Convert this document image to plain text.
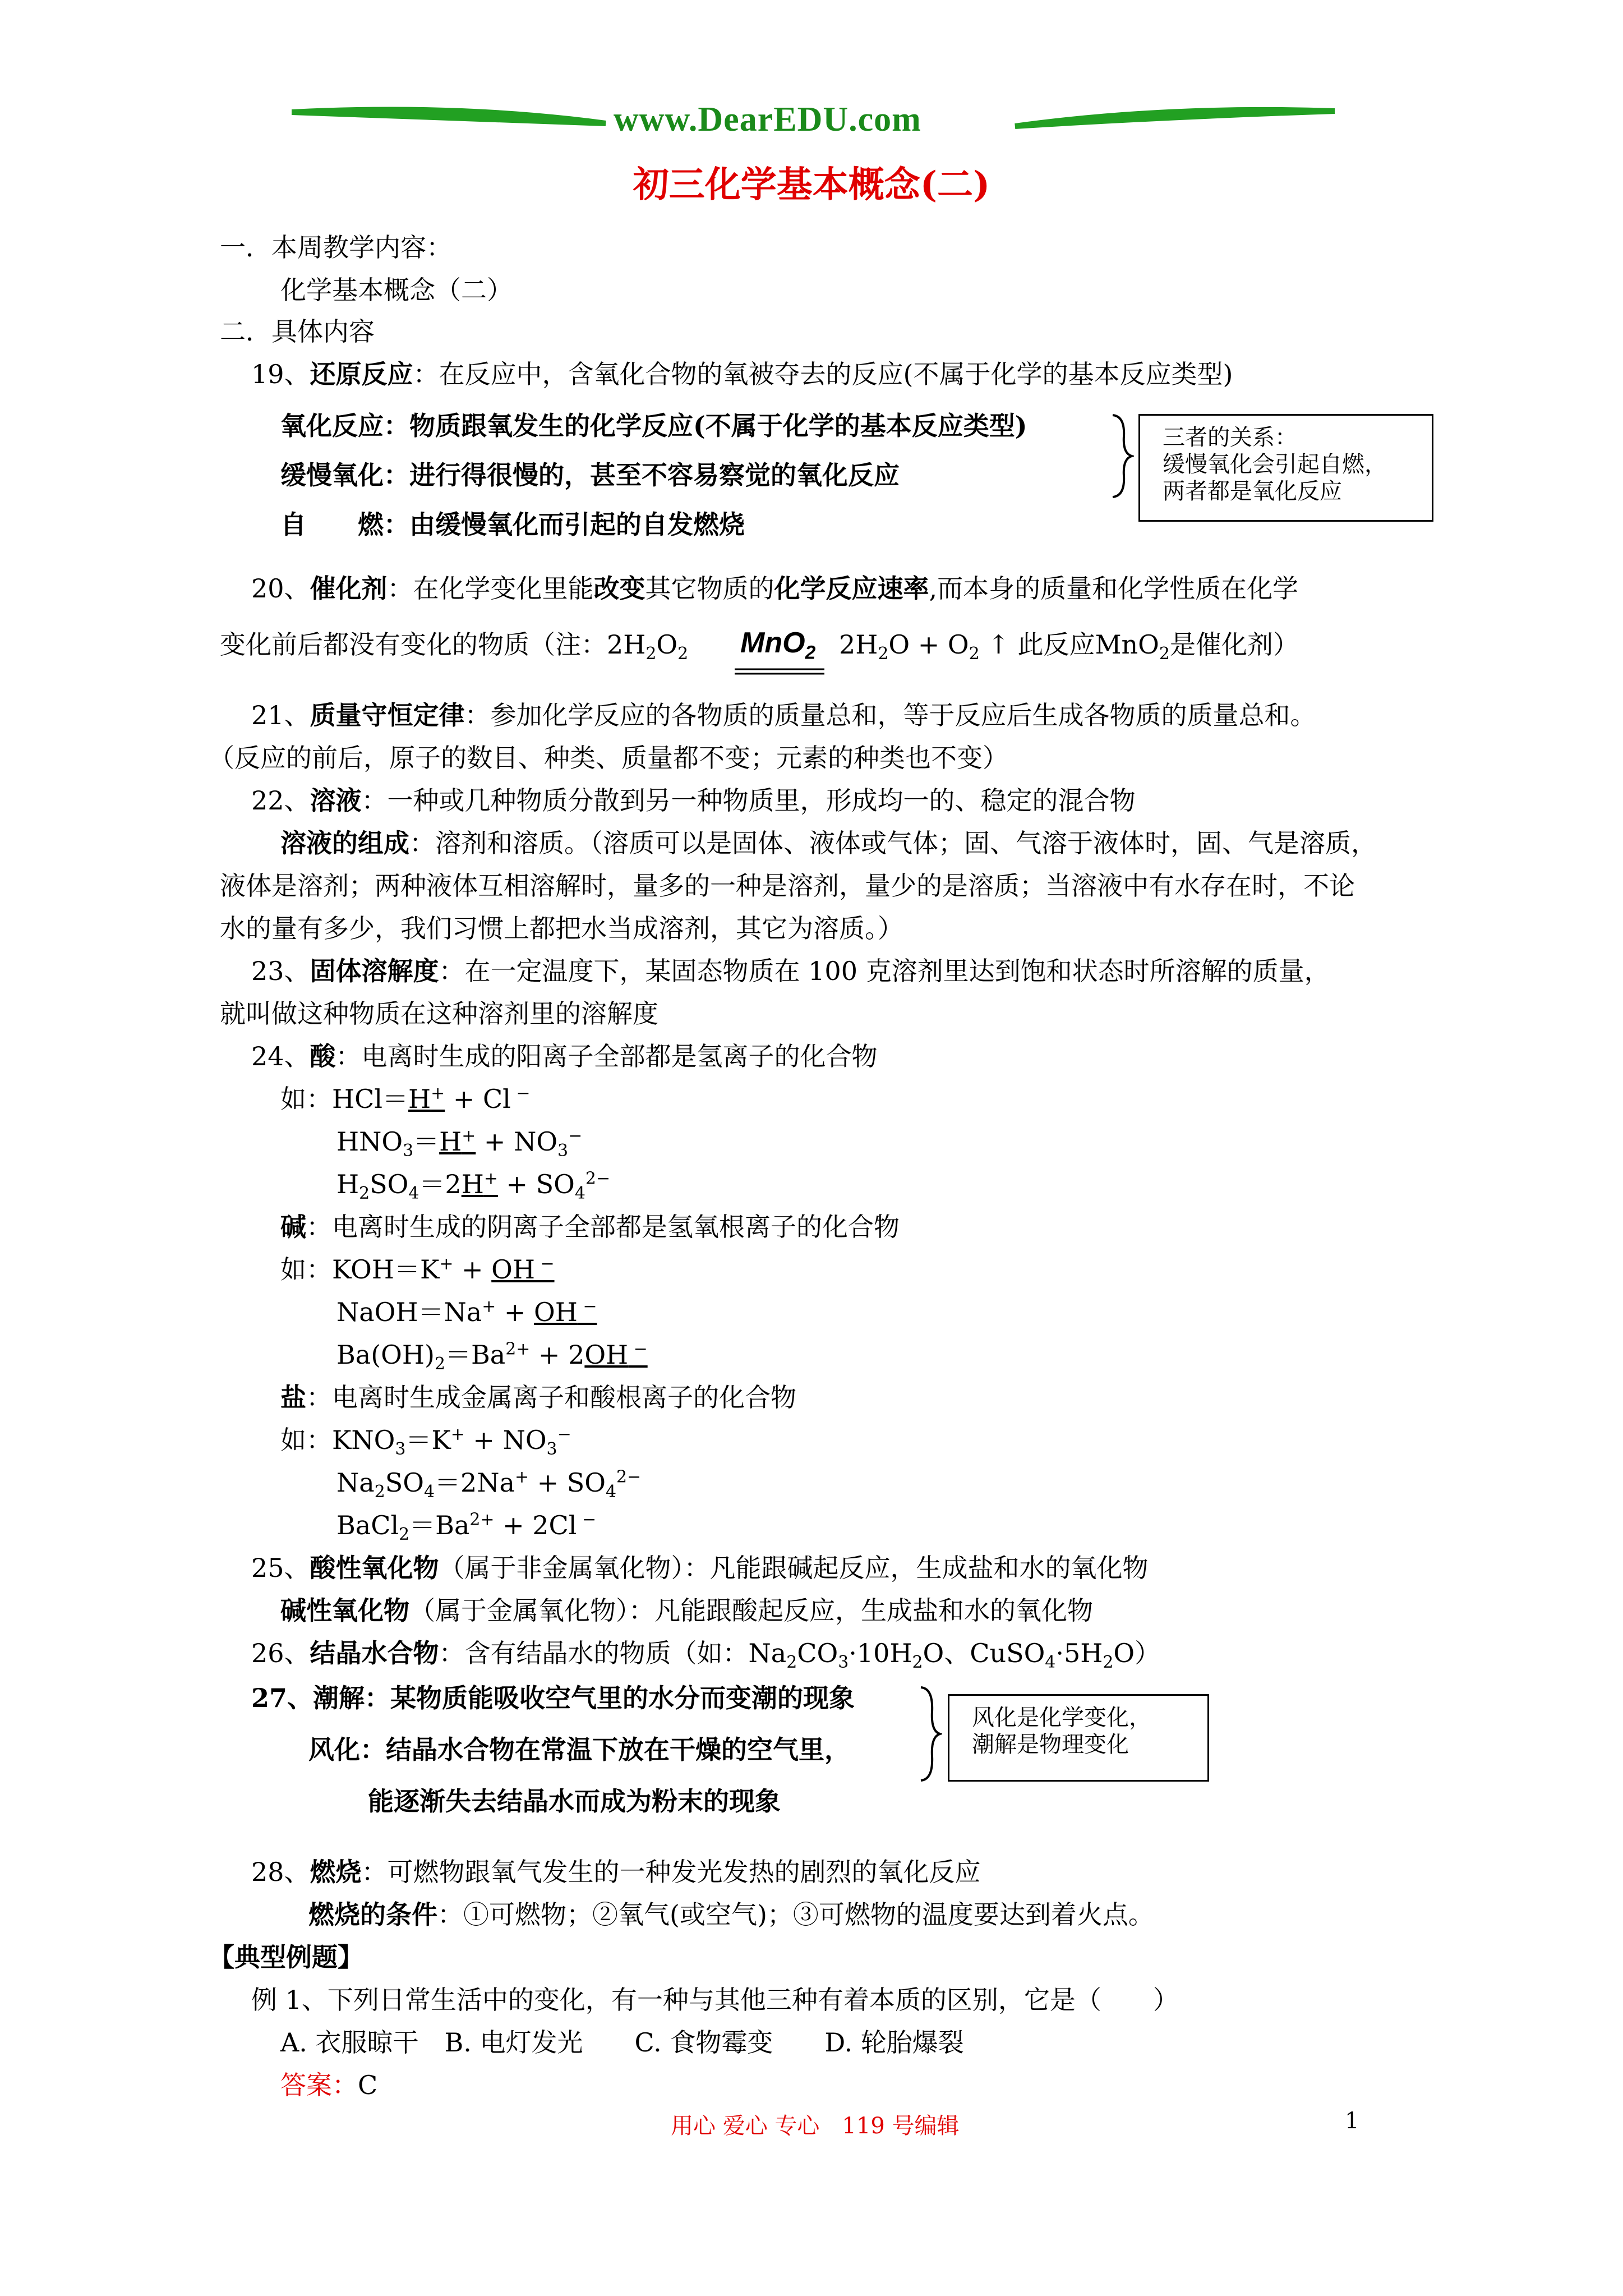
www.DearEDU.com
初三化学基本概念(二)
一．本周教学内容：
化学基本概念（二）
二．具体内容
19、还原反应：在反应中，含氧化合物的氧被夺去的反应(不属于化学的基本反应类型)
氧化反应：物质跟氧发生的化学反应(不属于化学的基本反应类型)
缓慢氧化：进行得很慢的，甚至不容易察觉的氧化反应
自　　燃：由缓慢氧化而引起的自发燃烧
三者的关系：
缓慢氧化会引起自燃，
两者都是氧化反应
20、催化剂：在化学变化里能改变其它物质的化学反应速率,而本身的质量和化学性质在化学
变化前后都没有变化的物质（注：$2H_2O_2$ MnO$_2$ $2H_2O + O_2$ ↑ 此反应MnO$_2$是催化剂）
21、质量守恒定律：参加化学反应的各物质的质量总和，等于反应后生成各物质的质量总和。
（反应的前后，原子的数目、种类、质量都不变；元素的种类也不变）
22、溶液：一种或几种物质分散到另一种物质里，形成均一的、稳定的混合物
溶液的组成：溶剂和溶质。（溶质可以是固体、液体或气体；固、气溶于液体时，固、气是溶质，
液体是溶剂；两种液体互相溶解时，量多的一种是溶剂，量少的是溶质；当溶液中有水存在时，不论
水的量有多少，我们习惯上都把水当成溶剂，其它为溶质。）
23、固体溶解度：在一定温度下，某固态物质在 100 克溶剂里达到饱和状态时所溶解的质量，
就叫做这种物质在这种溶剂里的溶解度
24、酸：电离时生成的阳离子全部都是氢离子的化合物
如：HCl＝H+ + Cl −
$HNO_3=H^+ + NO_3^-$
$H_2SO_4=2H^+ + SO_4^{2-}$
碱：电离时生成的阴离子全部都是氢氧根离子的化合物
如：KOH＝K+ + OH −
NaOH＝Na+ + OH −
$Ba(OH)_2=Ba^{2+} + 2OH$ −
盐：电离时生成金属离子和酸根离子的化合物
如：$KNO_3=K^+ + NO_3^-$
$Na_2SO_4=2Na^+ + SO_4^{2-}$
$BaCl_2=Ba^{2+} + 2Cl$ −
25、酸性氧化物（属于非金属氧化物）：凡能跟碱起反应，生成盐和水的氧化物
碱性氧化物（属于金属氧化物）：凡能跟酸起反应，生成盐和水的氧化物
26、结晶水合物：含有结晶水的物质（如：$Na_2CO_3\cdot 10H_2O$、$CuSO_4\cdot 5H_2O$）
27、潮解：某物质能吸收空气里的水分而变潮的现象
风化：结晶水合物在常温下放在干燥的空气里，
能逐渐失去结晶水而成为粉末的现象
风化是化学变化，
潮解是物理变化
28、燃烧：可燃物跟氧气发生的一种发光发热的剧烈的氧化反应
燃烧的条件：①可燃物；②氧气(或空气)；③可燃物的温度要达到着火点。
【典型例题】
例 1、下列日常生活中的变化，有一种与其他三种有着本质的区别，它是（　　）
A. 衣服晾干　B. 电灯发光　　C. 食物霉变　　D. 轮胎爆裂
答案：C
用心 爱心 专心　119 号编辑	1
